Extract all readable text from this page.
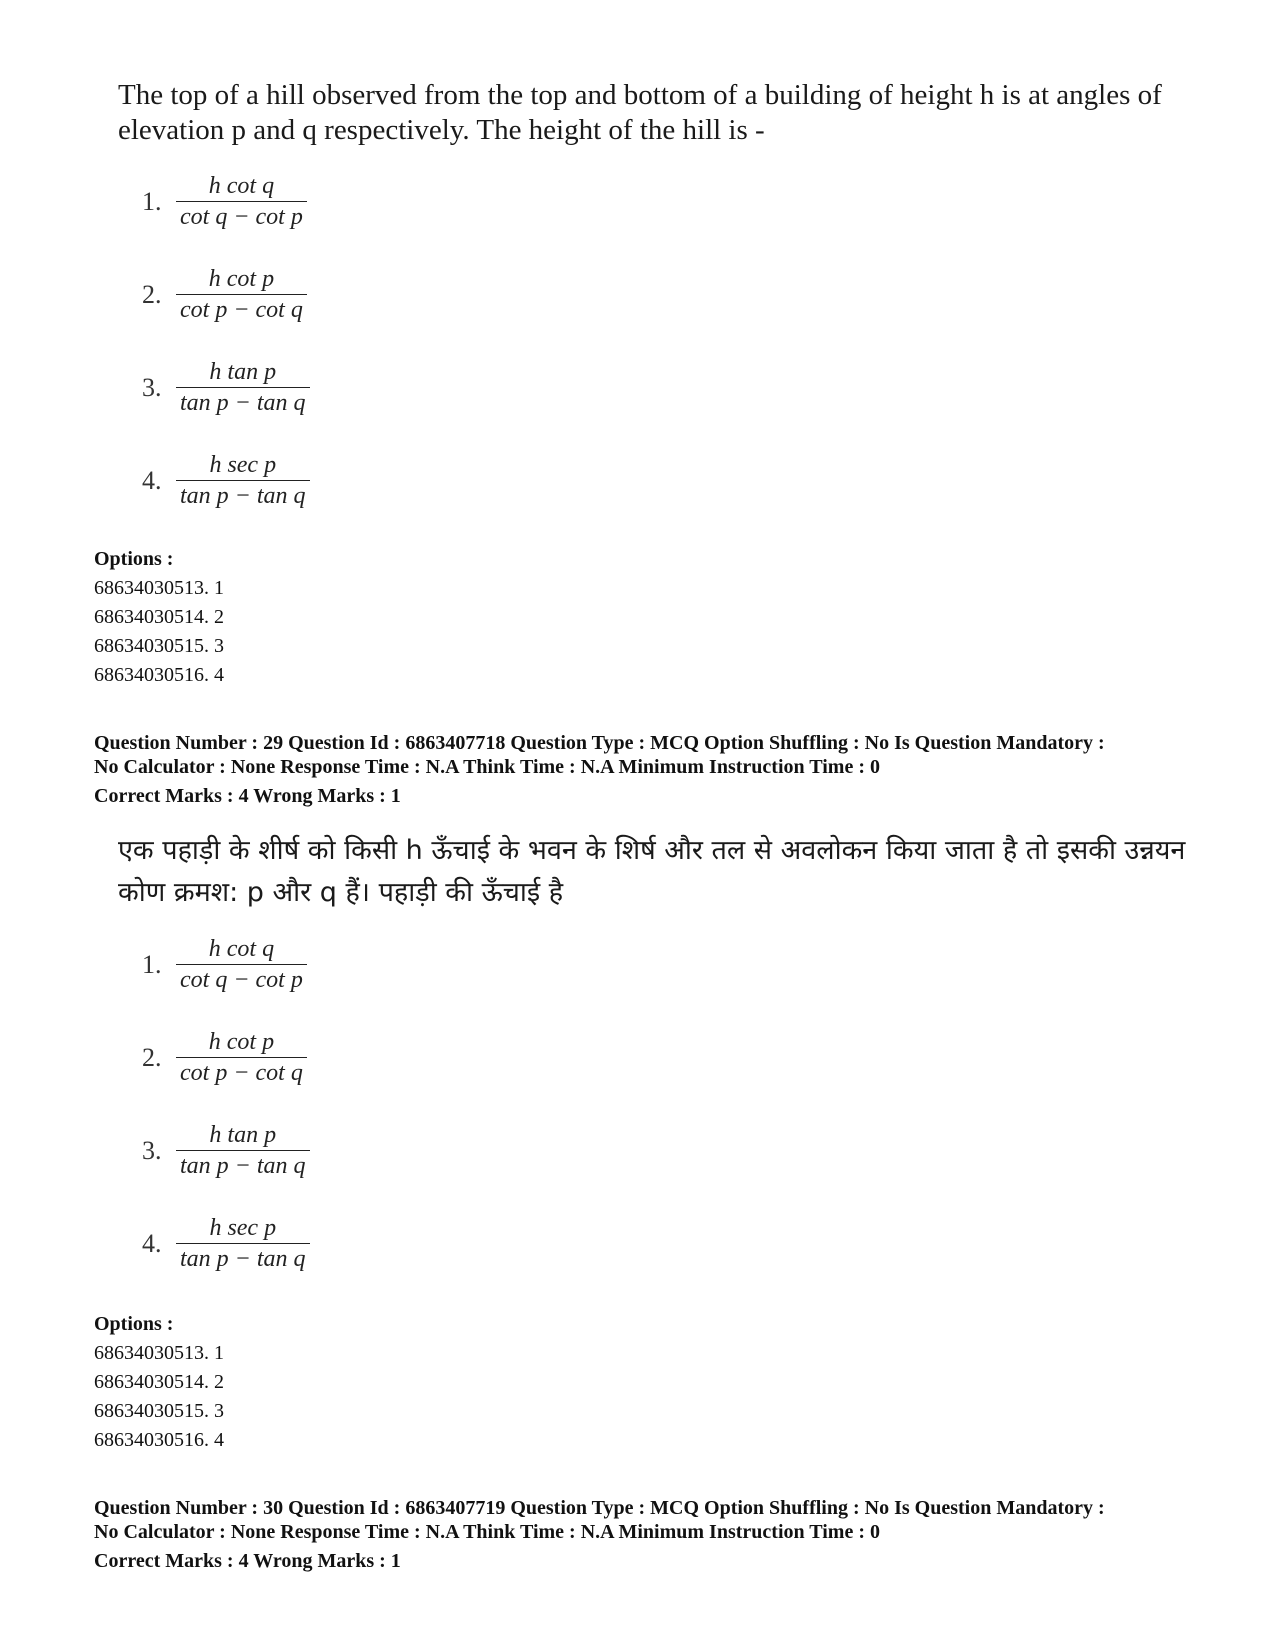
The top of a hill observed from the top and bottom of a building of height h is at angles of elevation p and q respectively. The height of the hill is -
1. $\frac{\text{h cot q}}{\text{cot q − cot p}}$
2. $\frac{\text{h cot p}}{\text{cot p − cot q}}$
3. $\frac{\text{h tan p}}{\text{tan p − tan q}}$
4. $\frac{\text{h sec p}}{\text{tan p − tan q}}$
Options :
68634030513. 1
68634030514. 2
68634030515. 3
68634030516. 4
Question Number : 29 Question Id : 6863407718 Question Type : MCQ Option Shuffling : No Is Question Mandatory :
No Calculator : None Response Time : N.A Think Time : N.A Minimum Instruction Time : 0
Correct Marks : 4 Wrong Marks : 1
एक पहाड़ी के शीर्ष को किसी h ऊँचाई के भवन के शिर्ष और तल से अवलोकन किया जाता है तो इसकी उन्नयन कोण क्रमश: p और q हैं। पहाड़ी की ऊँचाई है
1. $\frac{\text{h cot q}}{\text{cot q − cot p}}$
2. $\frac{\text{h cot p}}{\text{cot p − cot q}}$
3. $\frac{\text{h tan p}}{\text{tan p − tan q}}$
4. $\frac{\text{h sec p}}{\text{tan p − tan q}}$
Options :
68634030513. 1
68634030514. 2
68634030515. 3
68634030516. 4
Question Number : 30 Question Id : 6863407719 Question Type : MCQ Option Shuffling : No Is Question Mandatory :
No Calculator : None Response Time : N.A Think Time : N.A Minimum Instruction Time : 0
Correct Marks : 4 Wrong Marks : 1
